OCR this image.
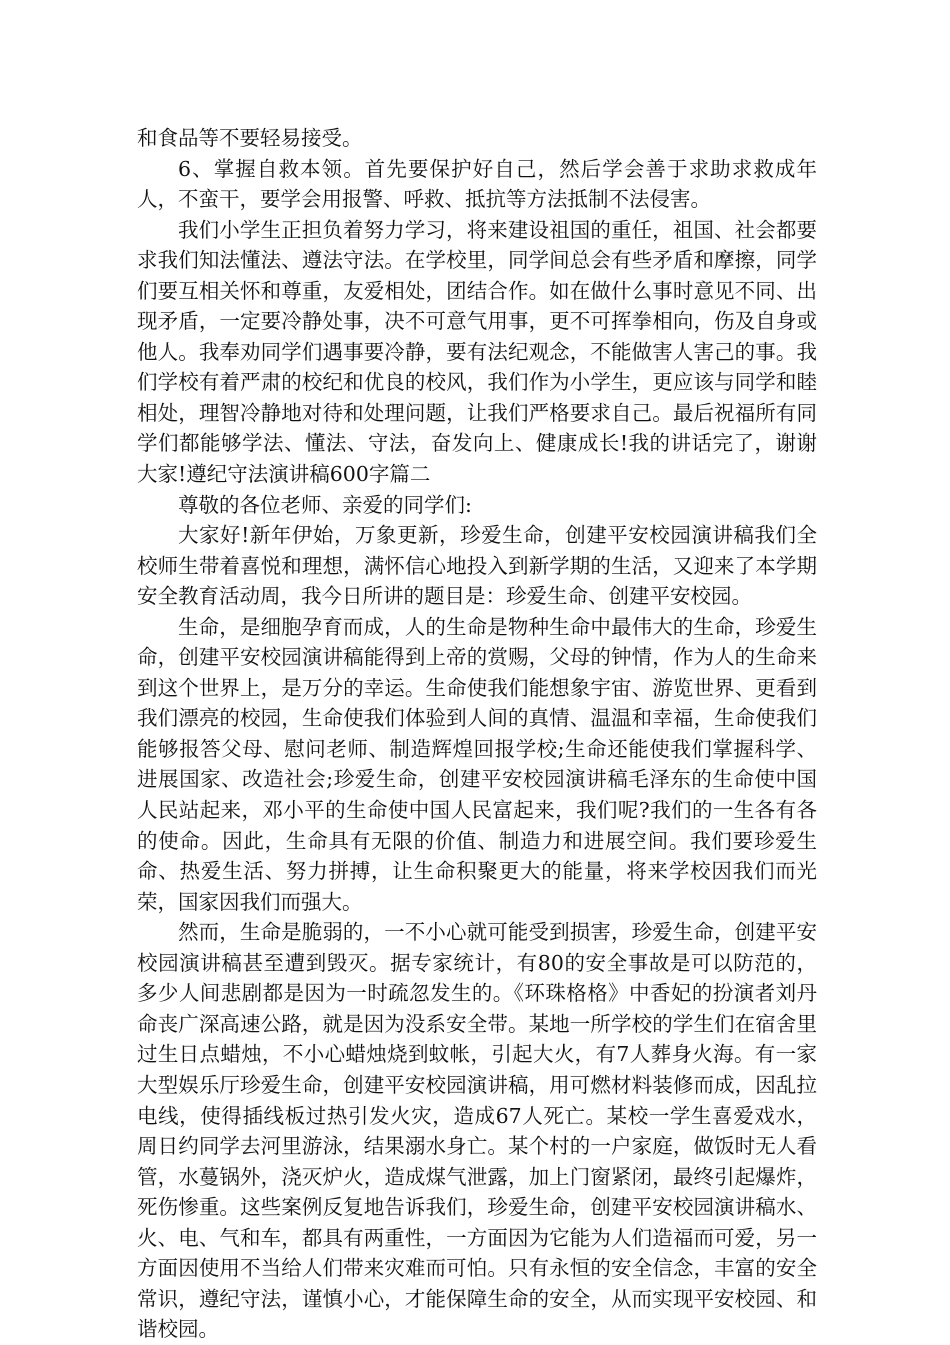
和食品等不要轻易接受。

6、掌握自救本领。首先要保护好自己，然后学会善于求助求救成年人，不蛮干，要学会用报警、呼救、抵抗等方法抵制不法侵害。

我们小学生正担负着努力学习，将来建设祖国的重任，祖国、社会都要求我们知法懂法、遵法守法。在学校里，同学间总会有些矛盾和摩擦，同学们要互相关怀和尊重，友爱相处，团结合作。如在做什么事时意见不同、出现矛盾，一定要冷静处事，决不可意气用事，更不可挥拳相向，伤及自身或他人。我奉劝同学们遇事要冷静，要有法纪观念，不能做害人害己的事。我们学校有着严肃的校纪和优良的校风，我们作为小学生，更应该与同学和睦相处，理智冷静地对待和处理问题，让我们严格要求自己。最后祝福所有同学们都能够学法、懂法、守法，奋发向上、健康成长!我的讲话完了，谢谢大家!遵纪守法演讲稿600字篇二

尊敬的各位老师、亲爱的同学们:

大家好!新年伊始，万象更新，珍爱生命，创建平安校园演讲稿我们全校师生带着喜悦和理想，满怀信心地投入到新学期的生活，又迎来了本学期安全教育活动周，我今日所讲的题目是：珍爱生命、创建平安校园。

生命，是细胞孕育而成，人的生命是物种生命中最伟大的生命，珍爱生命，创建平安校园演讲稿能得到上帝的赏赐，父母的钟情，作为人的生命来到这个世界上，是万分的幸运。生命使我们能想象宇宙、游览世界、更看到我们漂亮的校园，生命使我们体验到人间的真情、温温和幸福，生命使我们能够报答父母、慰问老师、制造辉煌回报学校;生命还能使我们掌握科学、进展国家、改造社会;珍爱生命，创建平安校园演讲稿毛泽东的生命使中国人民站起来，邓小平的生命使中国人民富起来，我们呢?我们的一生各有各的使命。因此，生命具有无限的价值、制造力和进展空间。我们要珍爱生命、热爱生活、努力拼搏，让生命积聚更大的能量，将来学校因我们而光荣，国家因我们而强大。

然而，生命是脆弱的，一不小心就可能受到损害，珍爱生命，创建平安校园演讲稿甚至遭到毁灭。据专家统计，有80的安全事故是可以防范的，多少人间悲剧都是因为一时疏忽发生的。《环珠格格》中香妃的扮演者刘丹命丧广深高速公路，就是因为没系安全带。某地一所学校的学生们在宿舍里过生日点蜡烛，不小心蜡烛烧到蚊帐，引起大火，有7人葬身火海。有一家大型娱乐厅珍爱生命，创建平安校园演讲稿，用可燃材料装修而成，因乱拉电线，使得插线板过热引发火灾，造成67人死亡。某校一学生喜爱戏水，周日约同学去河里游泳，结果溺水身亡。某个村的一户家庭，做饭时无人看管，水蔓锅外，浇灭炉火，造成煤气泄露，加上门窗紧闭，最终引起爆炸，死伤惨重。这些案例反复地告诉我们，珍爱生命，创建平安校园演讲稿水、火、电、气和车，都具有两重性，一方面因为它能为人们造福而可爱，另一方面因使用不当给人们带来灾难而可怕。只有永恒的安全信念，丰富的安全常识，遵纪守法，谨慎小心，才能保障生命的安全，从而实现平安校园、和谐校园。
